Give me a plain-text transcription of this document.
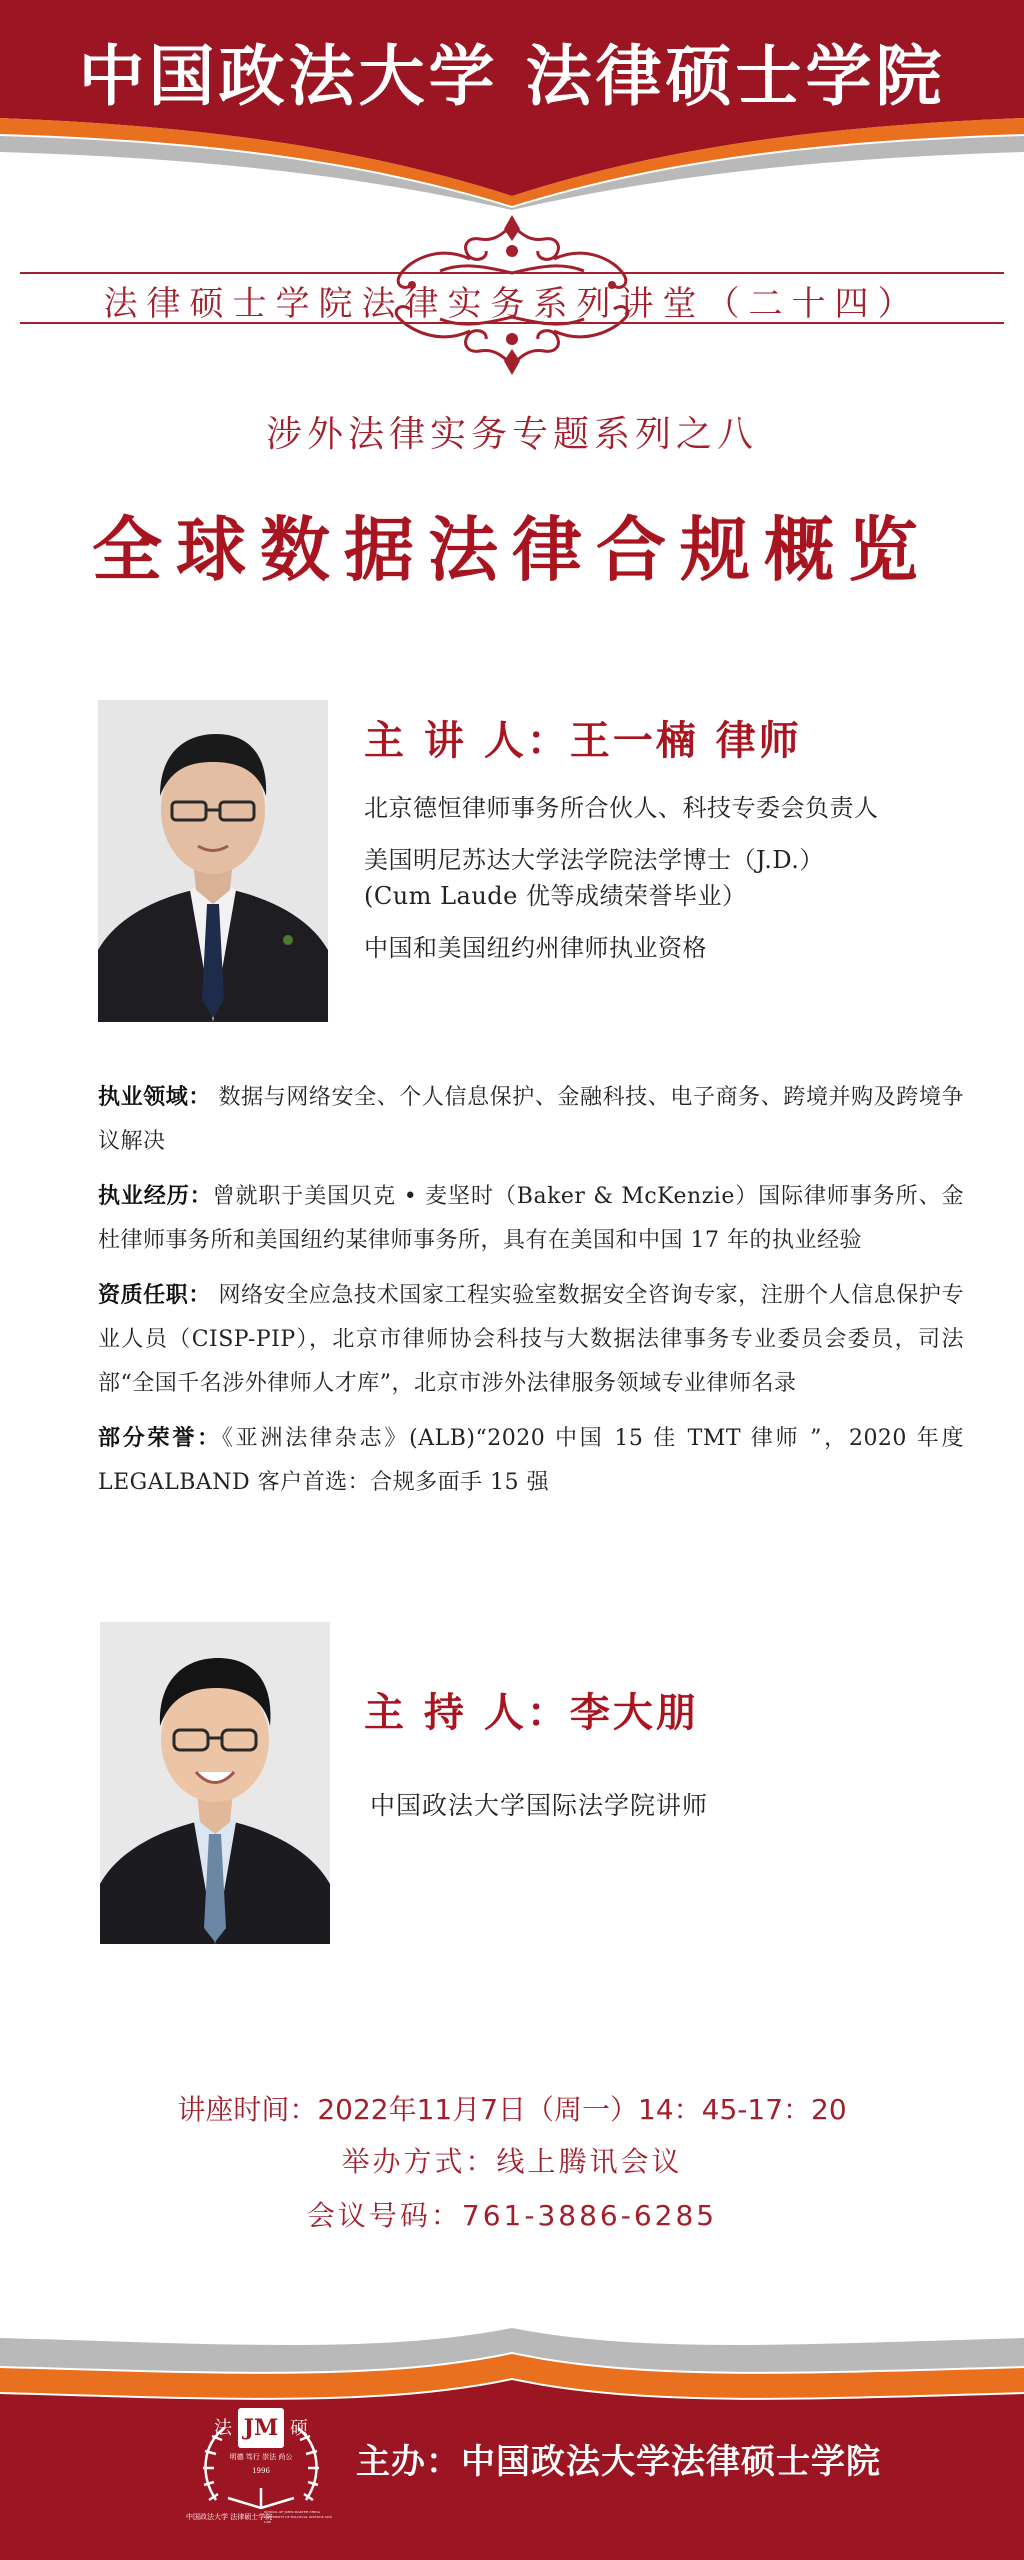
中国政法大学 法律硕士学院
法律硕士学院法律实务系列讲堂（二十四）
涉外法律实务专题系列之八
全球数据法律合规概览
主 讲 人：王一楠 律师
北京德恒律师事务所合伙人、科技专委会负责人
美国明尼苏达大学法学院法学博士（J.D.）
(Cum Laude 优等成绩荣誉毕业）
中国和美国纽约州律师执业资格
执业领域： 数据与网络安全、个人信息保护、金融科技、电子商务、跨境并购及跨境争议解决
执业经历：曾就职于美国贝克 • 麦坚时（Baker & McKenzie）国际律师事务所、金杜律师事务所和美国纽约某律师事务所，具有在美国和中国 17 年的执业经验
资质任职： 网络安全应急技术国家工程实验室数据安全咨询专家，注册个人信息保护专业人员（CISP-PIP），北京市律师协会科技与大数据法律事务专业委员会委员，司法部“全国千名涉外律师人才库”，北京市涉外法律服务领域专业律师名录
部分荣誉：《亚洲法律杂志》(ALB)“2020 中国 15 佳 TMT 律师 ”，2020 年度 LEGALBAND 客户首选：合规多面手 15 强
主 持 人：李大朋
中国政法大学国际法学院讲师
讲座时间：2022年11月7日（周一）14：45-17：20
举办方式：线上腾讯会议
会议号码：761-3886-6285
JM
法	硕
明德 笃行 崇法 尚公
1996
中国政法大学 法律硕士学院
SCHOOL OF JURIS MASTER CHINA UNIVERSITY OF POLITICAL SCIENCE AND LAW
主办：中国政法大学法律硕士学院
